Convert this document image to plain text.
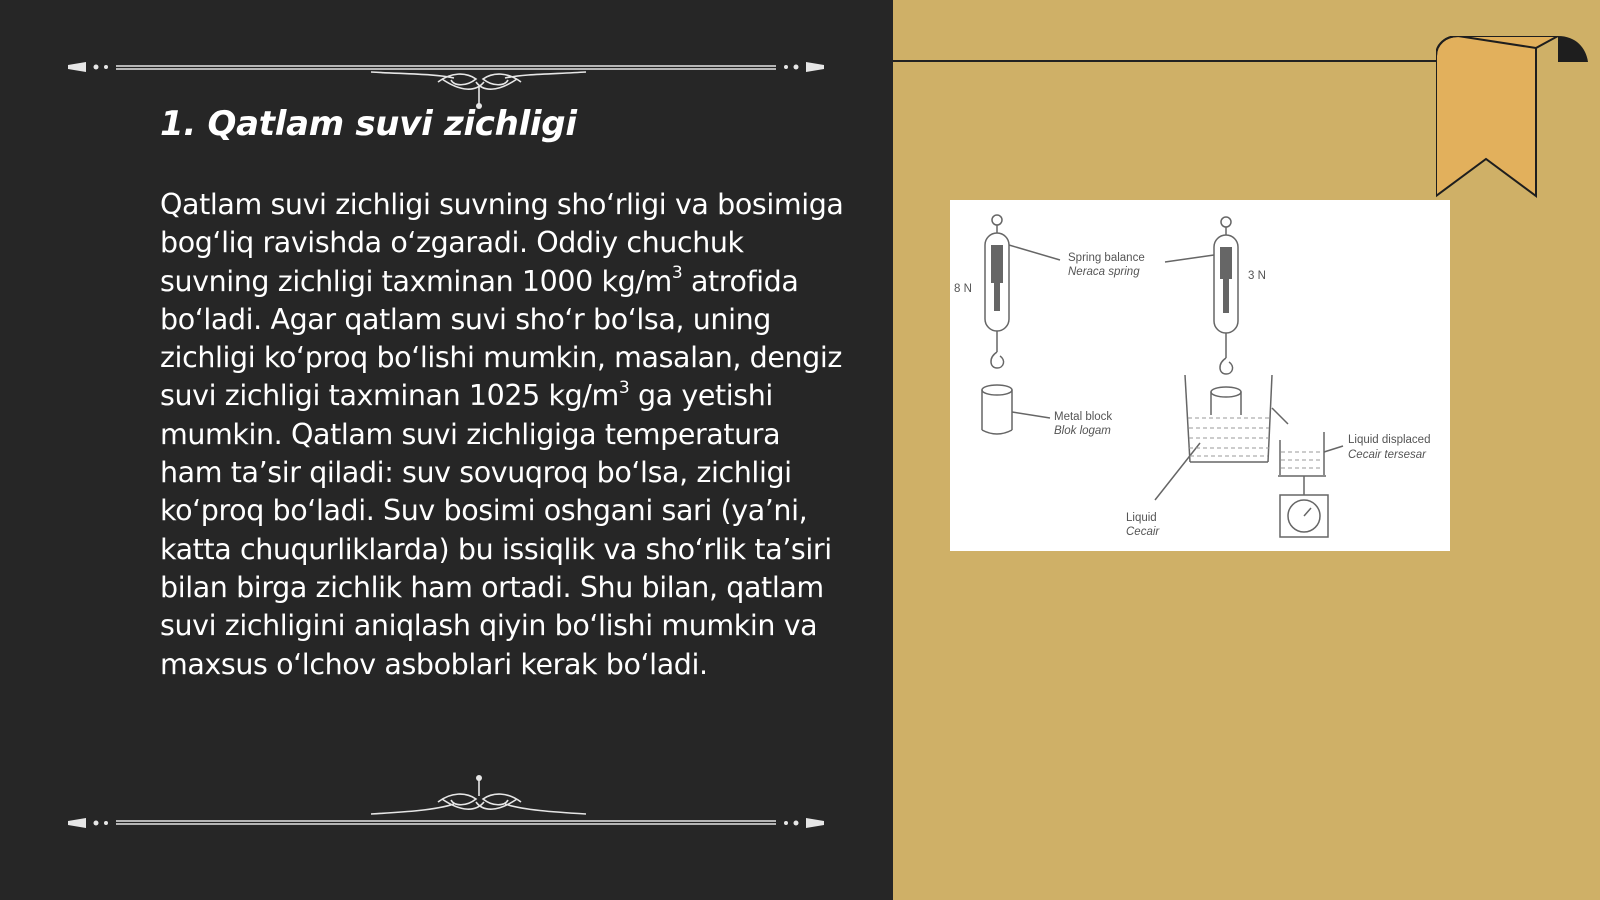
1. Qatlam suvi zichligi

Qatlam suvi zichligi suvning sho‘rligi va bosimiga bog‘liq ravishda o‘zgaradi. Oddiy chuchuk suvning zichligi taxminan 1000 $kg/m^3$ atrofida bo‘ladi. Agar qatlam suvi sho‘r bo‘lsa, uning zichligi ko‘proq bo‘lishi mumkin, masalan, dengiz suvi zichligi taxminan 1025 $kg/m^3$ ga yetishi mumkin. Qatlam suvi zichligiga temperatura ham ta’sir qiladi: suv sovuqroq bo‘lsa, zichligi ko‘proq bo‘ladi. Suv bosimi oshgani sari (ya’ni, katta chuqurliklarda) bu issiqlik va sho‘rlik ta’siri bilan birga zichlik ham ortadi. Shu bilan, qatlam suvi zichligini aniqlash qiyin bo‘lishi mumkin va maxsus o‘lchov asboblari kerak bo‘ladi.

8 N
3 N
Spring balance
Neraca spring
Metal block
Blok logam
Liquid
Cecair
Liquid displaced
Cecair tersesar
